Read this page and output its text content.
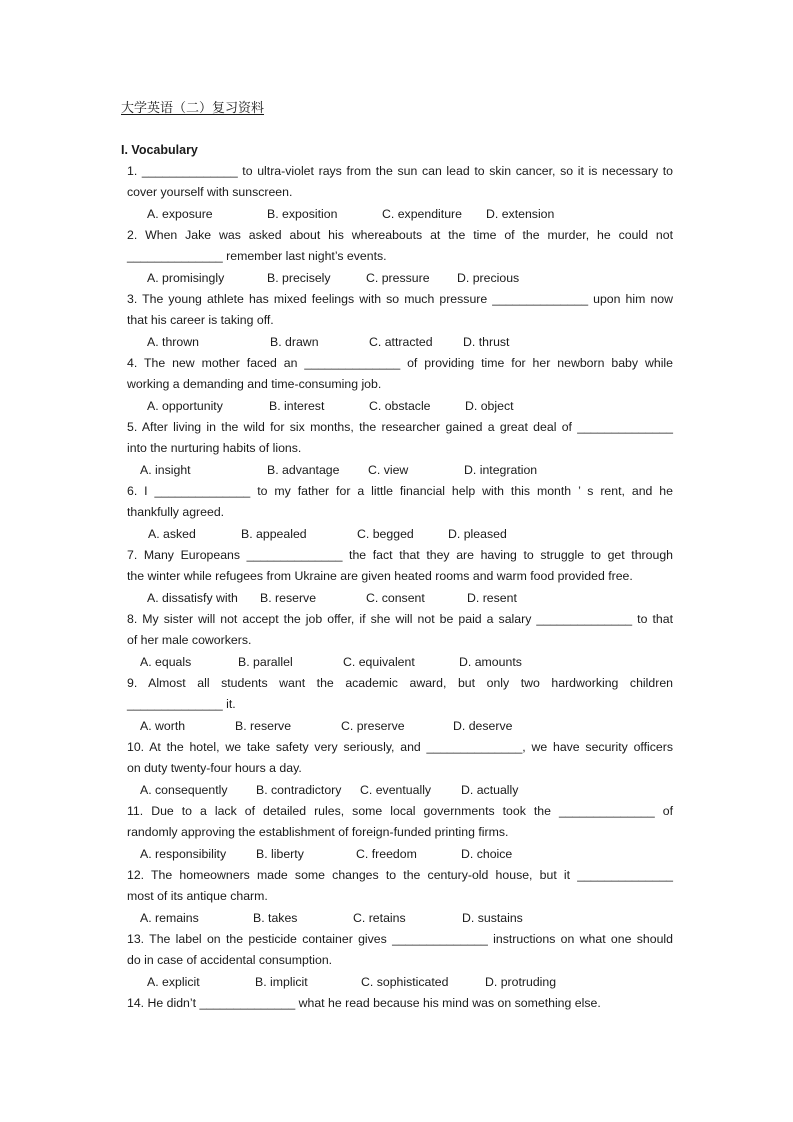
大学英语（二）复习资料
I. Vocabulary
1. ______________ to ultra-violet rays from the sun can lead to skin cancer, so it is necessary to
cover yourself with sunscreen.
A. exposure	B. exposition	C. expenditure D. extension
2. When Jake was asked about his whereabouts at the time of the murder, he could not
______________ remember last night’s events.
A. promisingly	B. precisely	C. pressure D. precious
3. The young athlete has mixed feelings with so much pressure ______________ upon him now
that his career is taking off.
A. thrown	B. drawn	C. attracted D. thrust
4. The new mother faced an ______________ of providing time for her newborn baby while
working a demanding and time-consuming job.
A. opportunity	B. interest	C. obstacle	D. object
5. After living in the wild for six months, the researcher gained a great deal of ______________
into the nurturing habits of lions.
A. insight	B. advantage C. view	D. integration
6. I ______________ to my father for a little financial help with this month ’ s rent, and he
thankfully agreed.
A. asked	B. appealed	C. begged	D. pleased
7. Many Europeans ______________ the fact that they are having to struggle to get through
the winter while refugees from Ukraine are given heated rooms and warm food provided free.
A. dissatisfy with B. reserve	C. consent	D. resent
8. My sister will not accept the job offer, if she will not be paid a salary ______________ to that
of her male coworkers.
A. equals	B. parallel	C. equivalent	D. amounts
9. Almost all students want the academic award, but only two hardworking children
______________ it.
A. worth	B. reserve	C. preserve	D. deserve
10. At the hotel, we take safety very seriously, and ______________, we have security officers
on duty twenty-four hours a day.
A. consequently B. contradictory C. eventually D. actually
11. Due to a lack of detailed rules, some local governments took the ______________ of
randomly approving the establishment of foreign-funded printing firms.
A. responsibility B. liberty	C. freedom	D. choice
12. The homeowners made some changes to the century-old house, but it ______________
most of its antique charm.
A. remains	B. takes	C. retains	D. sustains
13. The label on the pesticide container gives ______________ instructions on what one should
do in case of accidental consumption.
A. explicit	B. implicit	C. sophisticated	D. protruding
14. He didn’t ______________ what he read because his mind was on something else.
